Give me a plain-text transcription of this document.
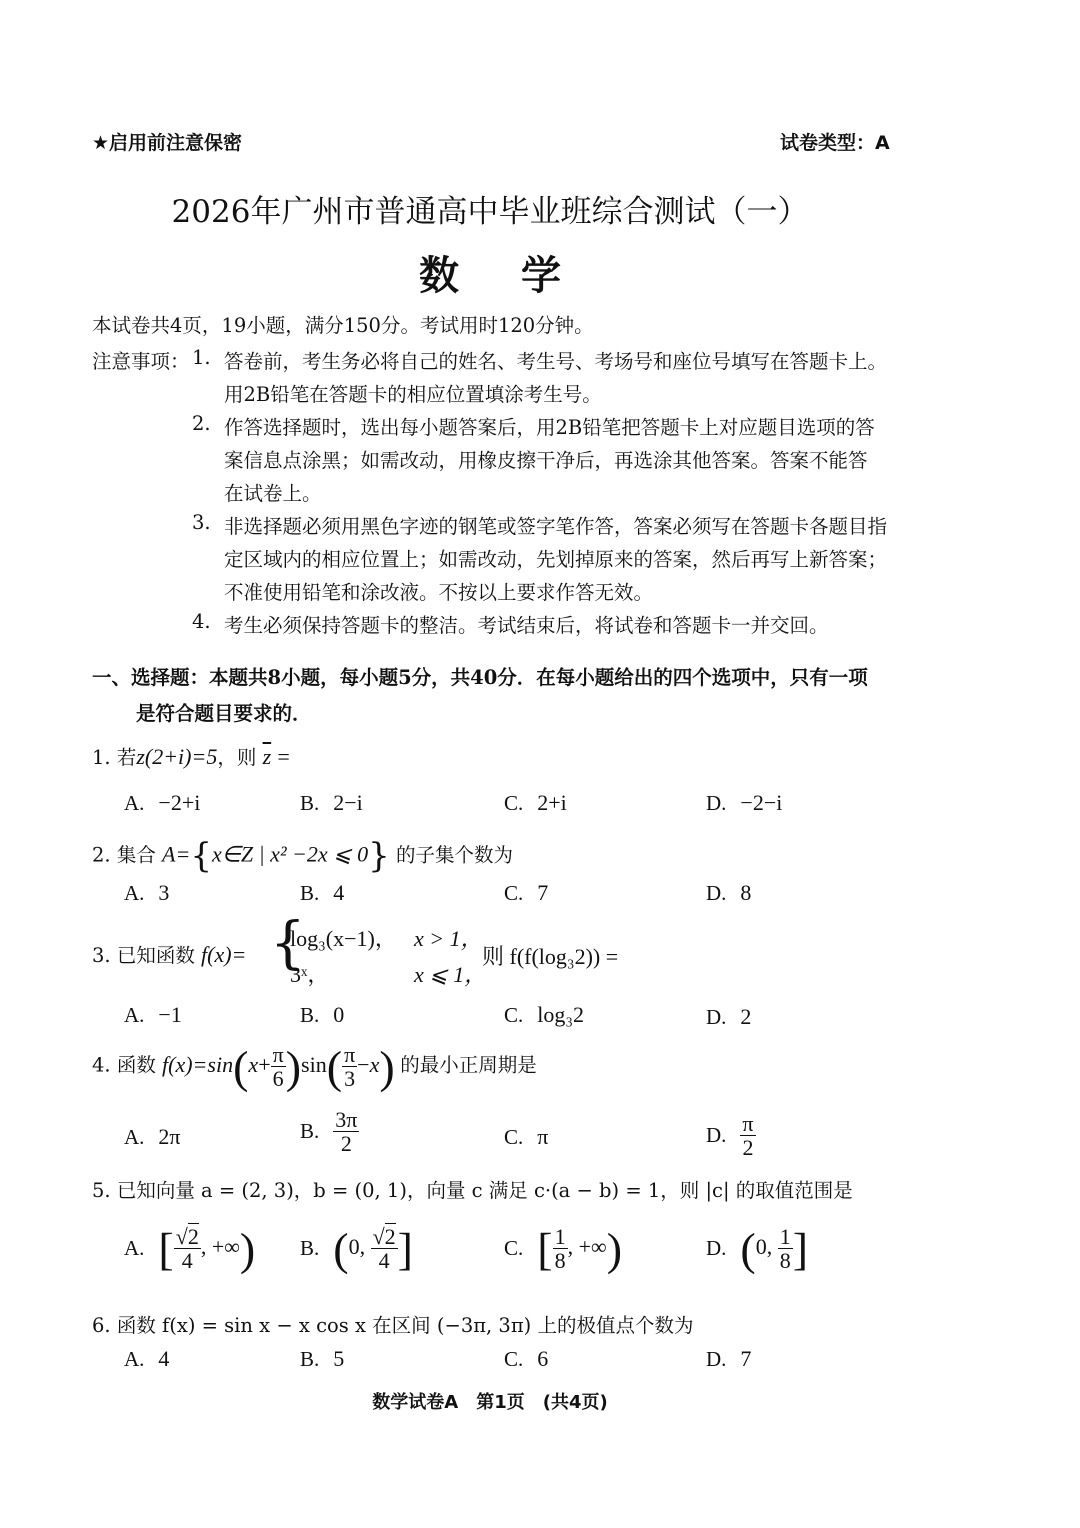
★启用前注意保密	试卷类型：A
2026年广州市普通高中毕业班综合测试（一）
数学
本试卷共4页，19小题，满分150分。考试用时120分钟。
注意事项： 1. 答卷前，考生务必将自己的姓名、考生号、考场号和座位号填写在答题卡上。
用2B铅笔在答题卡的相应位置填涂考生号。
2. 作答选择题时，选出每小题答案后，用2B铅笔把答题卡上对应题目选项的答
案信息点涂黑；如需改动，用橡皮擦干净后，再选涂其他答案。答案不能答
在试卷上。
3. 非选择题必须用黑色字迹的钢笔或签字笔作答，答案必须写在答题卡各题目指
定区域内的相应位置上；如需改动，先划掉原来的答案，然后再写上新答案；
不准使用铅笔和涂改液。不按以上要求作答无效。
4. 考生必须保持答题卡的整洁。考试结束后，将试卷和答题卡一并交回。
一、选择题：本题共8小题，每小题5分，共40分．在每小题给出的四个选项中，只有一项
是符合题目要求的．
1. 若z(2+i)=5，则 $\overline{z}$ =
A. −2+i	B. 2−i	C. 2+i	D. −2−i
2. 集合 A={x∈Z | x² −2x ⩽ 0} 的子集个数为
A. 3	B. 4	C. 7	D. 8
3. 已知函数 f(x)= {
log₃(x−1)， x > 1，
3ˣ，	x ⩽ 1，
则 f(f(log₃2)) =
A. −1	B. 0	C. log₃2	D. 2
4. 函数 $f(x)=\sin(x+ \frac{\pi}{6} )\sin( \frac{\pi}{3} -x)$ 的最小正周期是
A. 2π	B. $\frac{3\pi}{2}$	C. π	D. $\frac{\pi}{2}$
5. 已知向量 a = (2, 3)，b = (0, 1)，向量 c 满足 c·(a − b) = 1，则 |c| 的取值范围是
A. [ $\frac{√2}{4}$ , +∞) B. (0, $\frac{√2}{4}$ ]	C. [ $\frac{1}{8}$ , +∞)	D. (0, $\frac{1}{8}$ ]
6. 函数 f(x) = sin x − x cos x 在区间 (−3π, 3π) 上的极值点个数为
A. 4	B. 5	C. 6	D. 7
数学试卷A　第1页　(共4页)
